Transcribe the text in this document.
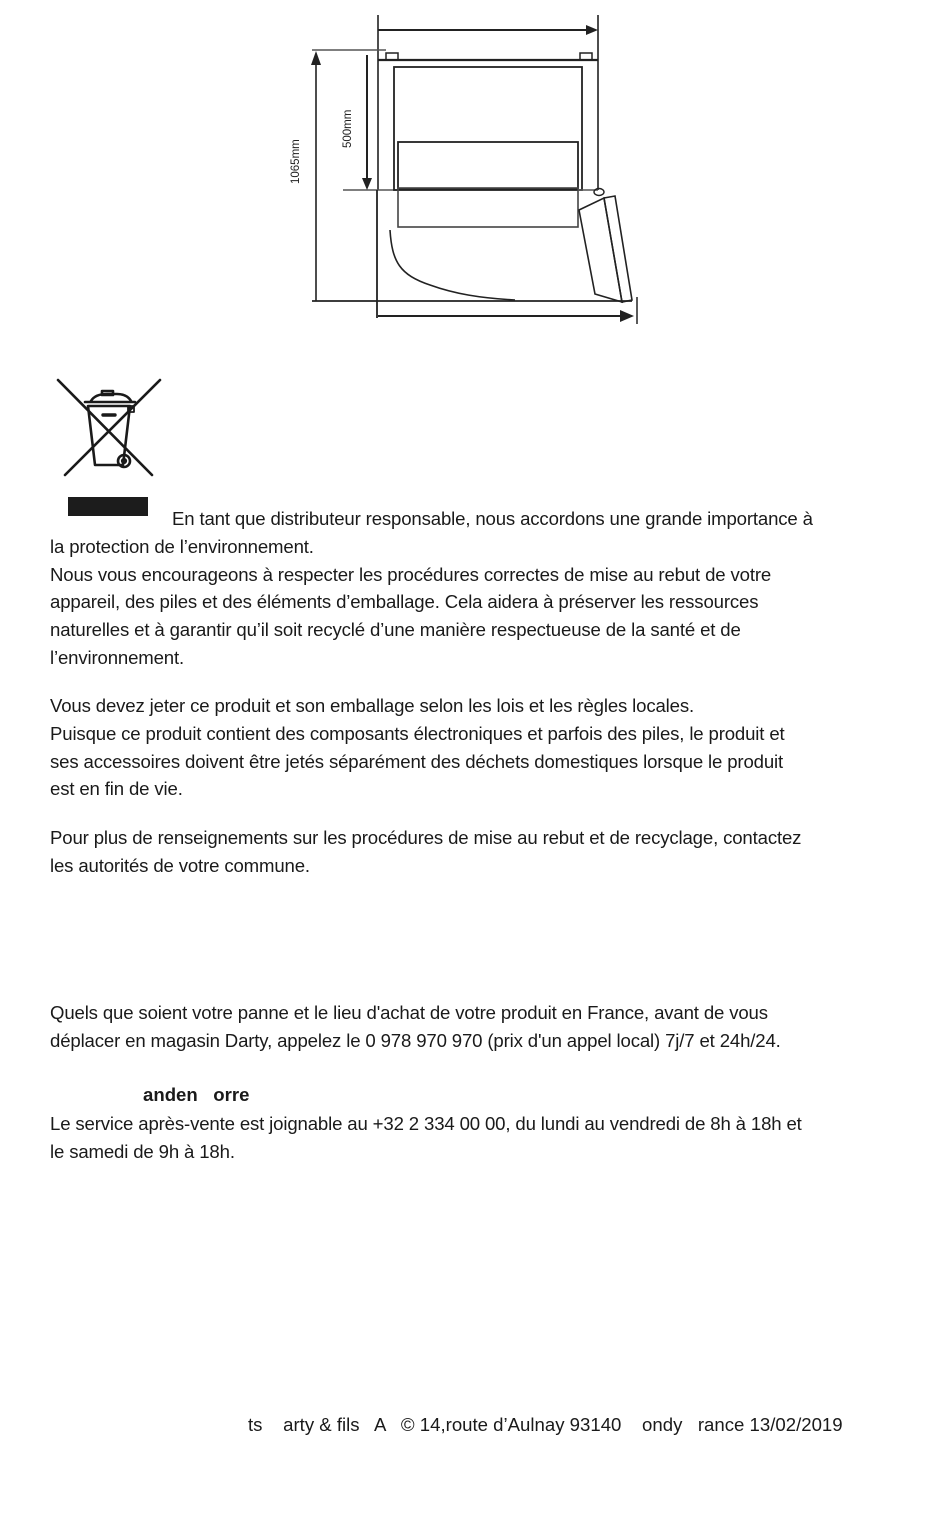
1065mm
500mm

En tant que distributeur responsable, nous accordons une grande importance à
la protection de l’environnement.
Nous vous encourageons à respecter les procédures correctes de mise au rebut de votre
appareil, des piles et des éléments d’emballage. Cela aidera à préserver les ressources
naturelles et à garantir qu’il soit recyclé d’une manière respectueuse de la santé et de
l’environnement.

Vous devez jeter ce produit et son emballage selon les lois et les règles locales.
Puisque ce produit contient des composants électroniques et parfois des piles, le produit et
ses accessoires doivent être jetés séparément des déchets domestiques lorsque le produit
est en fin de vie.

Pour plus de renseignements sur les procédures de mise au rebut et de recyclage, contactez
les autorités de votre commune.

Quels que soient votre panne et le lieu d'achat de votre produit en France, avant de vous
déplacer en magasin Darty, appelez le 0 978 970 970 (prix d'un appel local) 7j/7 et 24h/24.

anden   orre

Le service après-vente est joignable au +32 2 334 00 00, du lundi au vendredi de 8h à 18h et
le samedi de 9h à 18h.

ts    arty & fils   A   © 14,route d’Aulnay 93140    ondy   rance 13/02/2019
